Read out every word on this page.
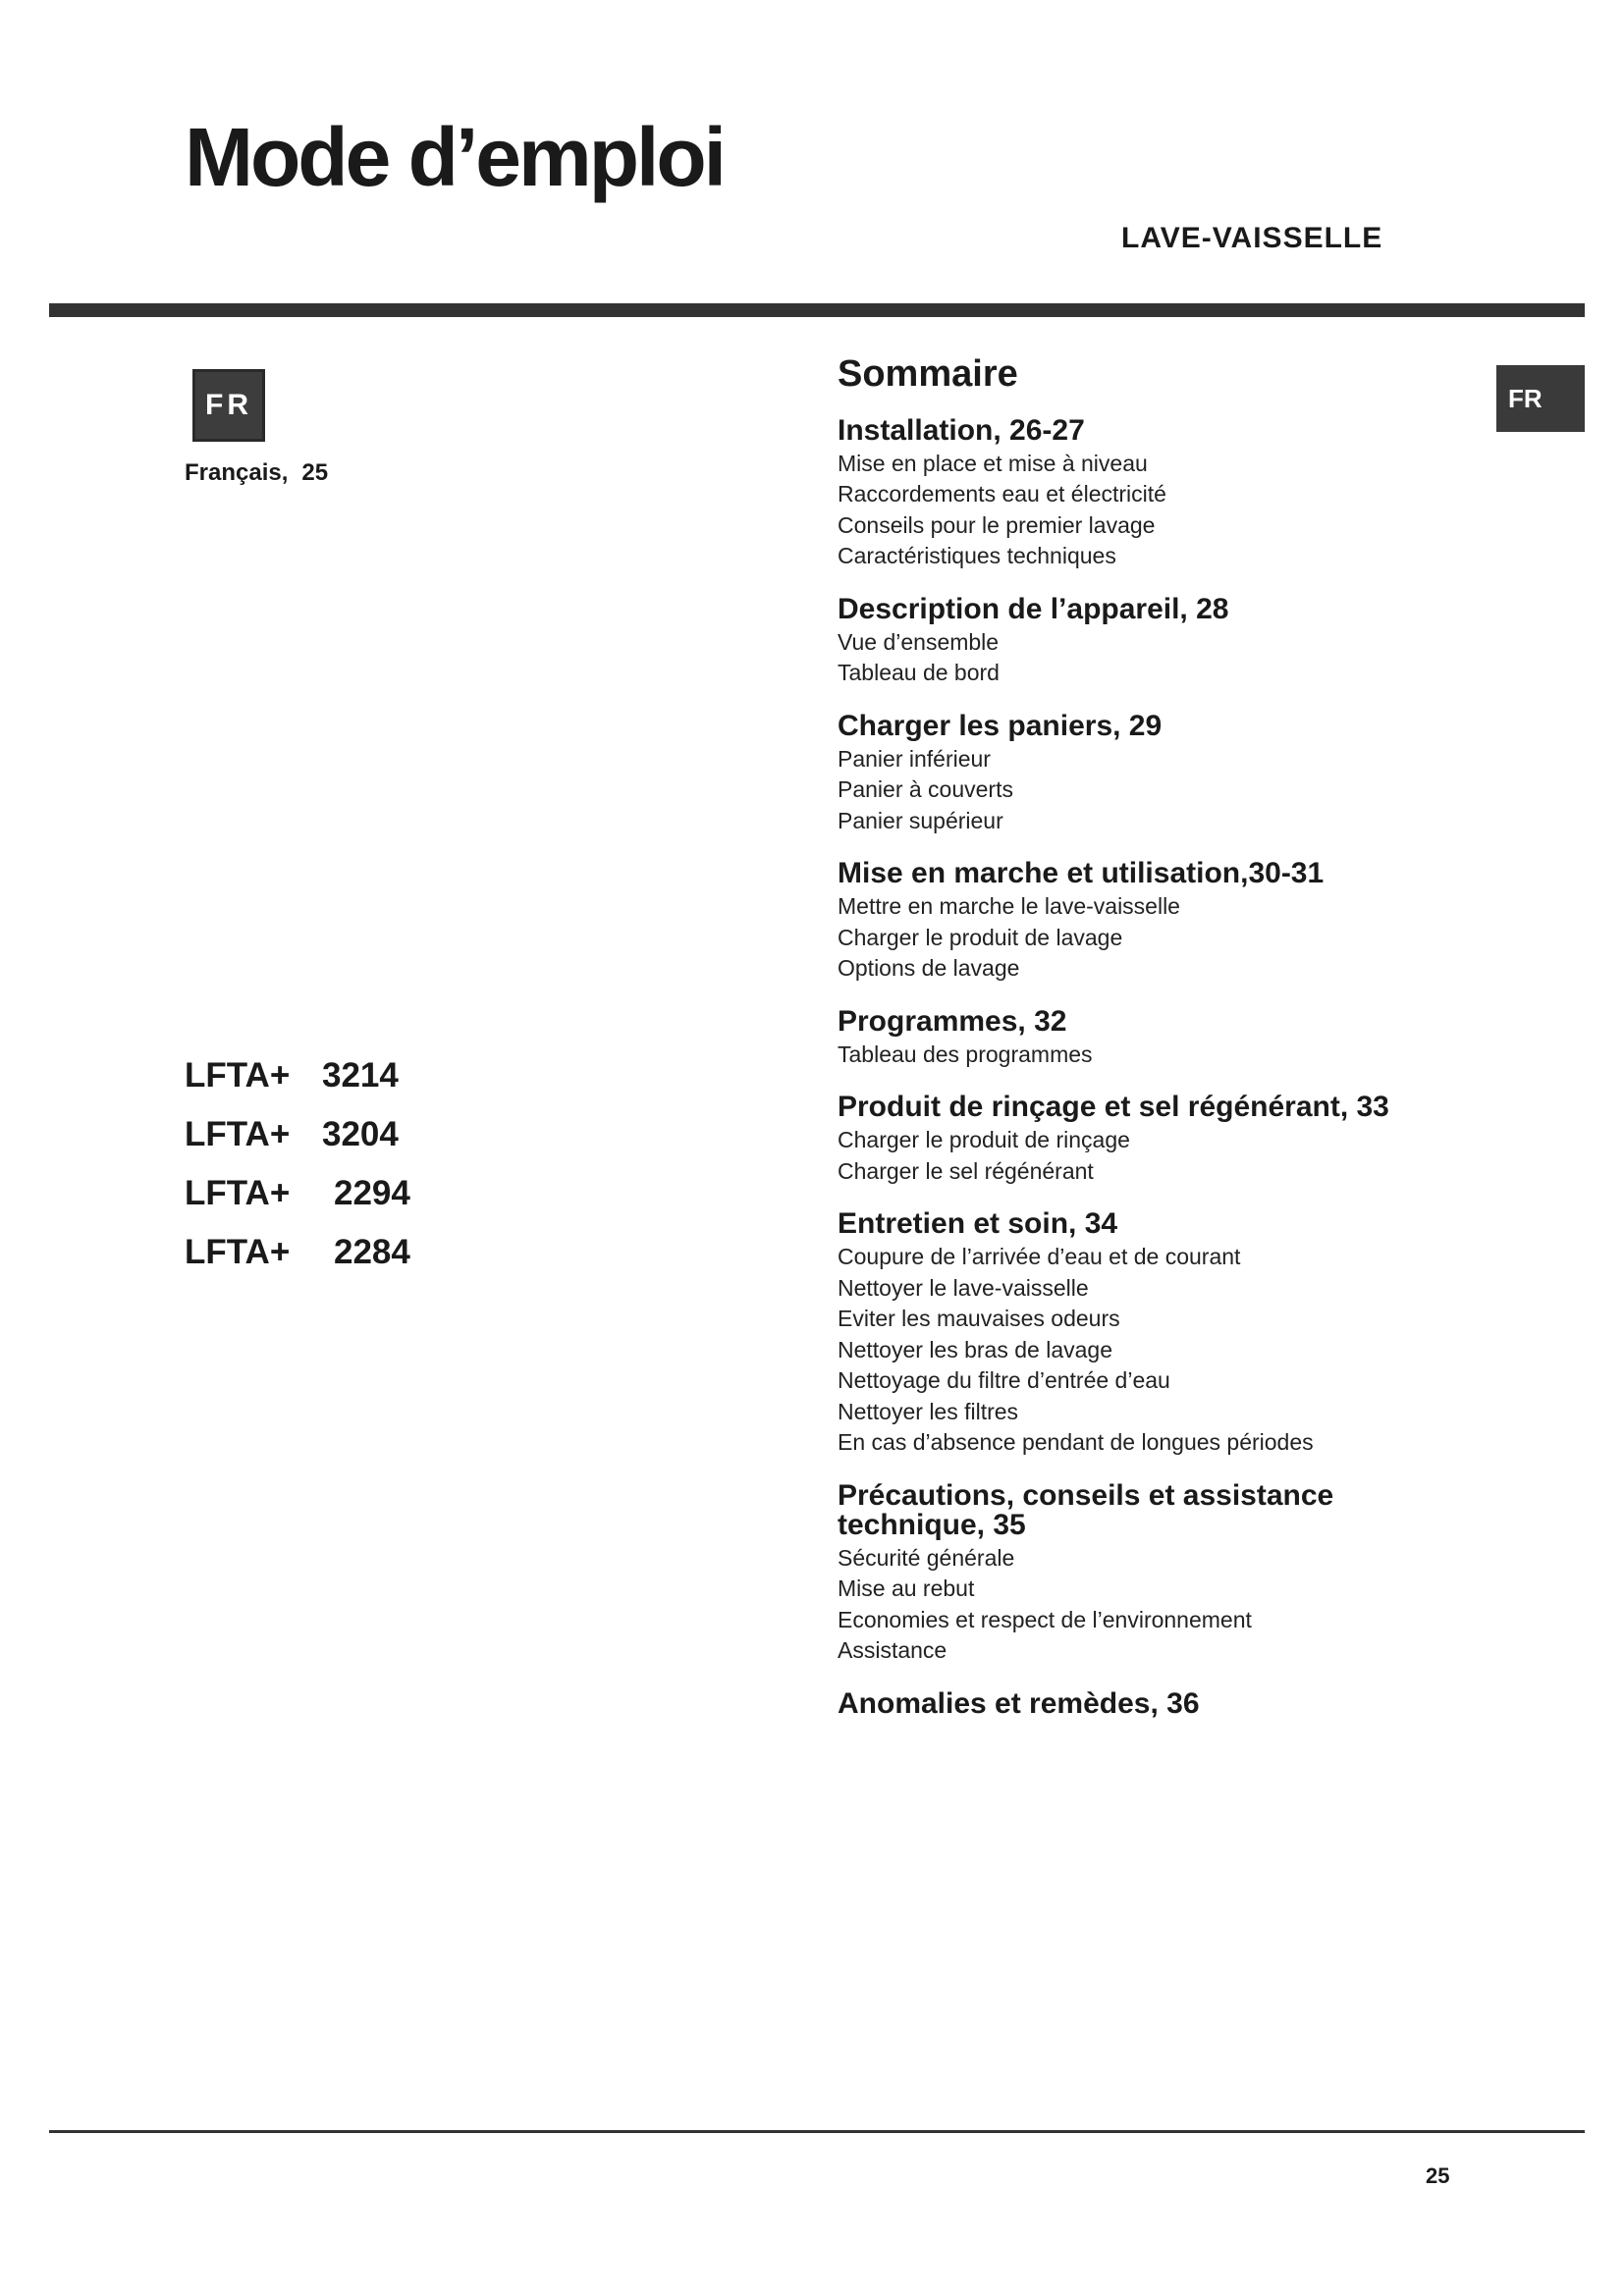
Mode d’emploi
LAVE-VAISSELLE
FR
Français, 25
FR
LFTA+ 3214
LFTA+ 3204
LFTA+	2294
LFTA+	2284
Sommaire
Installation, 26-27
Mise en place et mise à niveau
Raccordements eau et électricité
Conseils pour le premier lavage
Caractéristiques techniques
Description de l’appareil, 28
Vue d’ensemble
Tableau de bord
Charger les paniers, 29
Panier inférieur
Panier à couverts
Panier supérieur
Mise en marche et utilisation,30-31
Mettre en marche le lave-vaisselle
Charger le produit de lavage
Options de lavage
Programmes, 32
Tableau des programmes
Produit de rinçage et sel régénérant, 33
Charger le produit de rinçage
Charger le sel régénérant
Entretien et soin, 34
Coupure de l’arrivée d’eau et de courant
Nettoyer le lave-vaisselle
Eviter les mauvaises odeurs
Nettoyer les bras de lavage
Nettoyage du filtre d’entrée d’eau
Nettoyer les filtres
En cas d’absence pendant de longues périodes
Précautions, conseils et assistance technique, 35
Sécurité générale
Mise au rebut
Economies et respect de l’environnement
Assistance
Anomalies et remèdes, 36
25
